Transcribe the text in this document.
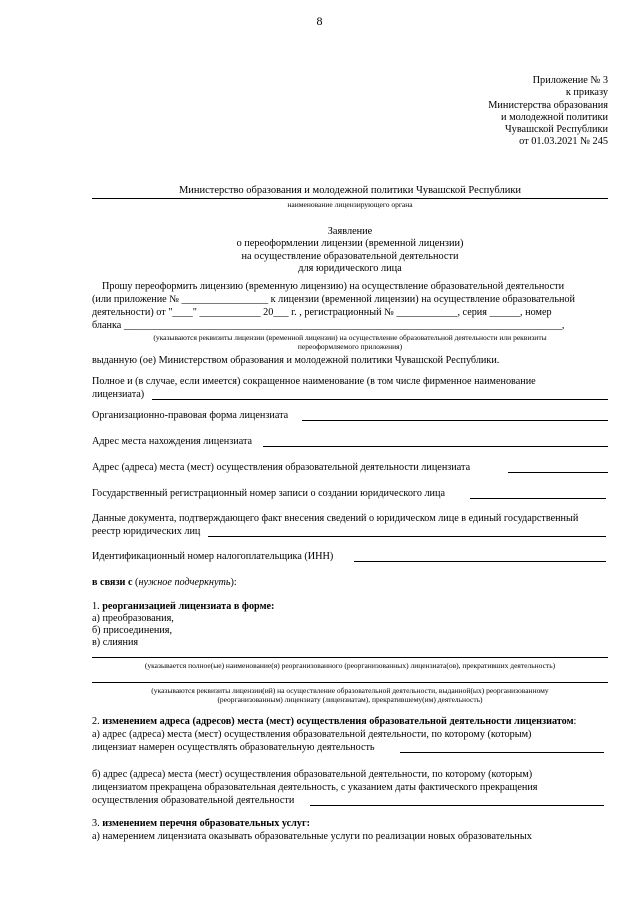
8
Приложение № 3
к приказу
Министерства образования
и молодежной политики
Чувашской Республики
от 01.03.2021 № 245
Министерство образования и молодежной политики Чувашской Республики
наименование лицензирующего органа
Заявление
о переоформлении лицензии (временной лицензии)
на осуществление образовательной деятельности
для юридического лица
Прошу переоформить лицензию (временную лицензию) на осуществление образовательной деятельности
(или приложение № _________________ к лицензии (временной лицензии) на осуществление образовательной
деятельности) от "____" ____________ 20___ г. , регистрационный № ____________, серия ______, номер
бланка ______________________________________________________________________________________,
(указываются реквизиты лицензии (временной лицензии) на осуществление образовательной деятельности или реквизиты
переоформляемого приложения)
выданную (ое) Министерством образования и молодежной политики Чувашской Республики.
Полное и (в случае, если имеется) сокращенное наименование (в том числе фирменное наименование
лицензиата)
Организационно-правовая форма лицензиата
Адрес места нахождения лицензиата
Адрес (адреса) места (мест) осуществления образовательной деятельности лицензиата
Государственный регистрационный номер записи о создании юридического лица
Данные документа, подтверждающего факт внесения сведений о юридическом лице в единый государственный
реестр юридических лиц
Идентификационный номер налогоплательщика (ИНН)
в связи с (нужное подчеркнуть):
1. реорганизацией лицензиата в форме:
а) преобразования,
б) присоединения,
в) слияния
(указывается полное(ые) наименование(я) реорганизованного (реорганизованных) лицензиата(ов), прекративших деятельность)
(указываются реквизиты лицензии(ий) на осуществление образовательной деятельности, выданной(ых) реорганизованному
(реорганизованным) лицензиату (лицензиатам), прекратившему(им) деятельность)
2. изменением адреса (адресов) места (мест) осуществления образовательной деятельности лицензиатом:
а) адрес (адреса) места (мест) осуществления образовательной деятельности, по которому (которым)
лицензиат намерен осуществлять образовательную деятельность
б) адрес (адреса) места (мест) осуществления образовательной деятельности, по которому (которым)
лицензиатом прекращена образовательная деятельность, с указанием даты фактического прекращения
осуществления образовательной деятельности
3. изменением перечня образовательных услуг:
а) намерением лицензиата оказывать образовательные услуги по реализации новых образовательных
